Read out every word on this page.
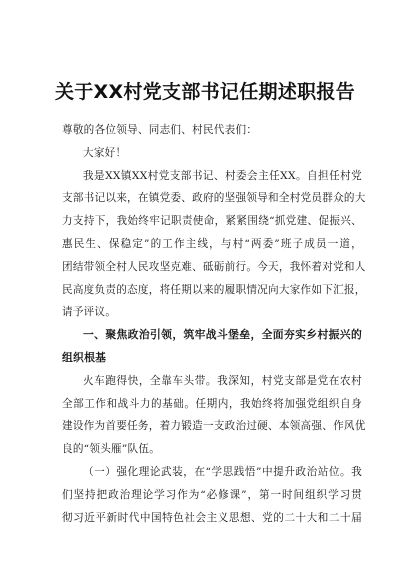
关于XX村党支部书记任期述职报告
尊敬的各位领导、同志们、村民代表们：
大家好！
我是XX镇XX村党支部书记、村委会主任XX。自担任村党
支部书记以来，在镇党委、政府的坚强领导和全村党员群众的大
力支持下，我始终牢记职责使命，紧紧围绕“抓党建、促振兴、
惠民生、保稳定”的工作主线，与村“两委”班子成员一道，
团结带领全村人民攻坚克难、砥砺前行。今天，我怀着对党和人
民高度负责的态度，将任期以来的履职情况向大家作如下汇报，
请予评议。
一、聚焦政治引领，筑牢战斗堡垒，全面夯实乡村振兴的
组织根基
火车跑得快，全靠车头带。我深知，村党支部是党在农村
全部工作和战斗力的基础。任期内，我始终将加强党组织自身
建设作为首要任务，着力锻造一支政治过硬、本领高强、作风优
良的“领头雁”队伍。
（一）强化理论武装，在“学思践悟”中提升政治站位。我
们坚持把政治理论学习作为“必修课”，第一时间组织学习贯
彻习近平新时代中国特色社会主义思想、党的二十大和二十届
